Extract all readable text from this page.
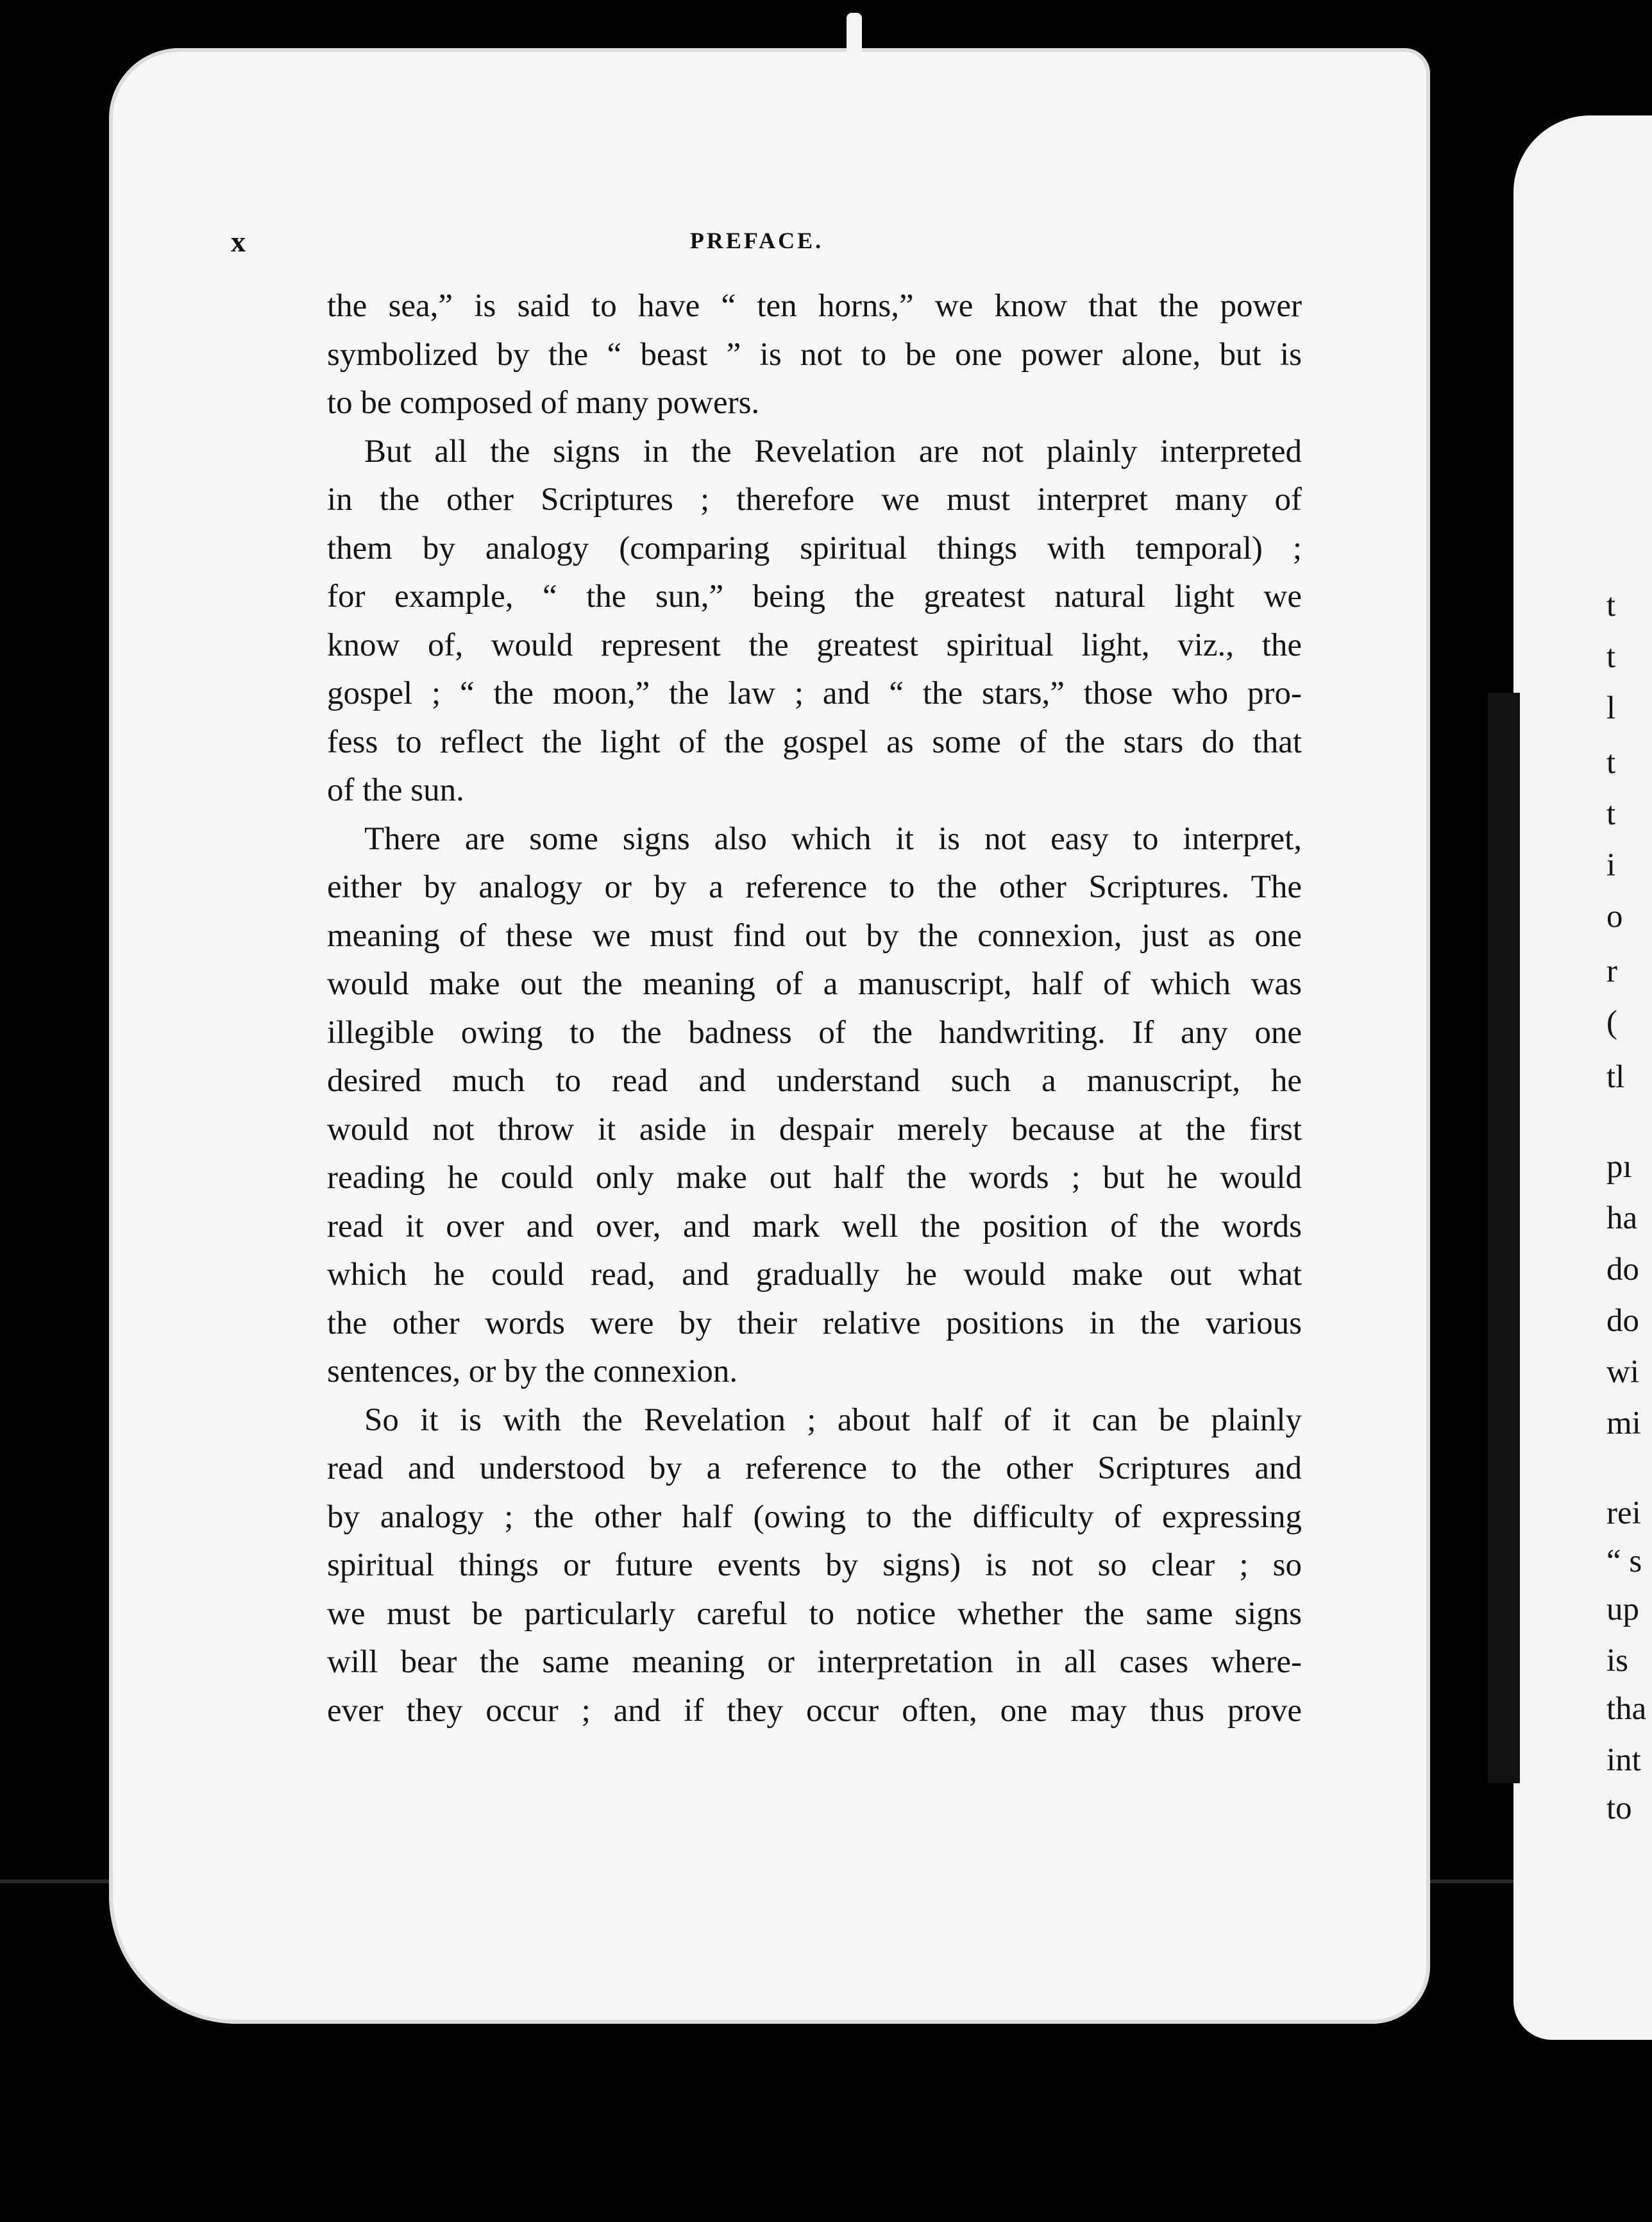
x	PREFACE.
the sea,” is said to have “ ten horns,” we know that the power
symbolized by the “ beast ” is not to be one power alone, but is
to be composed of many powers.
But all the signs in the Revelation are not plainly interpreted
in the other Scriptures ; therefore we must interpret many of
them by analogy (comparing spiritual things with temporal) ;
for example, “ the sun,” being the greatest natural light we
know of, would represent the greatest spiritual light, viz., the
gospel ; “ the moon,” the law ; and “ the stars,” those who pro-
fess to reflect the light of the gospel as some of the stars do that
of the sun.
There are some signs also which it is not easy to interpret,
either by analogy or by a reference to the other Scriptures. The
meaning of these we must find out by the connexion, just as one
would make out the meaning of a manuscript, half of which was
illegible owing to the badness of the handwriting. If any one
desired much to read and understand such a manuscript, he
would not throw it aside in despair merely because at the first
reading he could only make out half the words ; but he would
read it over and over, and mark well the position of the words
which he could read, and gradually he would make out what
the other words were by their relative positions in the various
sentences, or by the connexion.
So it is with the Revelation ; about half of it can be plainly
read and understood by a reference to the other Scriptures and
by analogy ; the other half (owing to the difficulty of expressing
spiritual things or future events by signs) is not so clear ; so
we must be particularly careful to notice whether the same signs
will bear the same meaning or interpretation in all cases where-
ever they occur ; and if they occur often, one may thus prove
t
t
l
t
t
i
o
r
(
tl
pı
ha
do
do
wi
mi
rei
“ s
up
is
tha
int
to
